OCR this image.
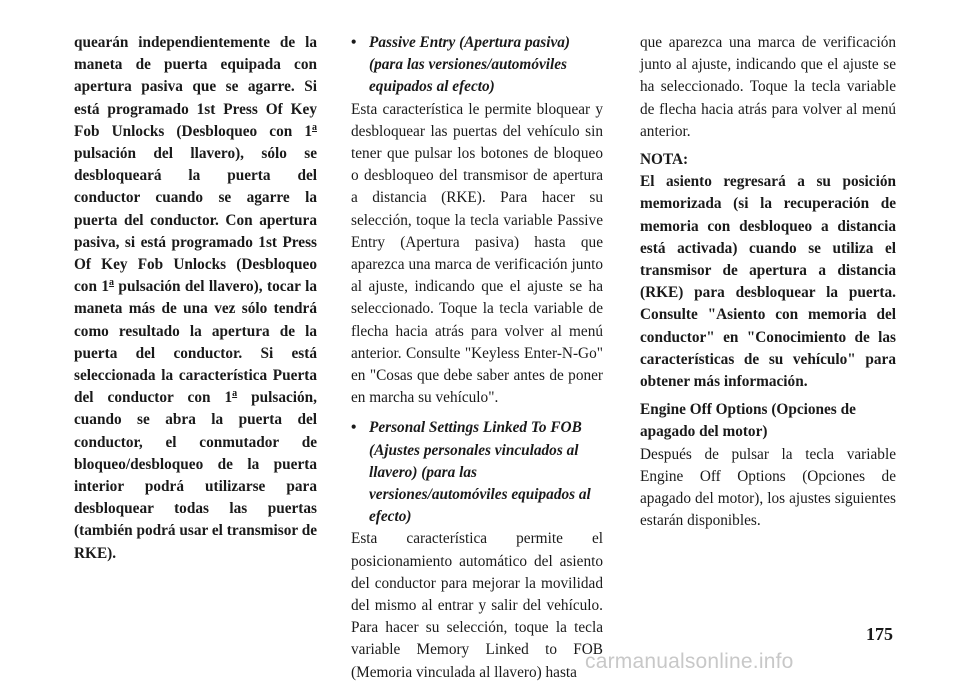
quearán independientemente de la maneta de puerta equipada con apertura pasiva que se agarre. Si está programado 1st Press Of Key Fob Unlocks (Desbloqueo con 1$^a$ pulsación del llavero), sólo se desbloqueará la puerta del conductor cuando se agarre la puerta del conductor. Con apertura pasiva, si está programado 1st Press Of Key Fob Unlocks (Desbloqueo con 1$^a$ pulsación del llavero), tocar la maneta más de una vez sólo tendrá como resultado la apertura de la puerta del conductor. Si está seleccionada la característica Puerta del conductor con 1$^a$ pulsación, cuando se abra la puerta del conductor, el conmutador de bloqueo/desbloqueo de la puerta interior podrá utilizarse para desbloquear todas las puertas (también podrá usar el transmisor de RKE).

• Passive Entry (Apertura pasiva) (para las versiones/automóviles equipados al efecto)

Esta característica le permite bloquear y desbloquear las puertas del vehículo sin tener que pulsar los botones de bloqueo o desbloqueo del transmisor de apertura a distancia (RKE). Para hacer su selección, toque la tecla variable Passive Entry (Apertura pasiva) hasta que aparezca una marca de verificación junto al ajuste, indicando que el ajuste se ha seleccionado. Toque la tecla variable de flecha hacia atrás para volver al menú anterior. Consulte "Keyless Enter-N-Go" en "Cosas que debe saber antes de poner en marcha su vehículo".

• Personal Settings Linked To FOB (Ajustes personales vinculados al llavero) (para las versiones/automóviles equipados al efecto)

Esta característica permite el posicionamiento automático del asiento del conductor para mejorar la movilidad del mismo al entrar y salir del vehículo. Para hacer su selección, toque la tecla variable Memory Linked to FOB (Memoria vinculada al llavero) hasta

que aparezca una marca de verificación junto al ajuste, indicando que el ajuste se ha seleccionado. Toque la tecla variable de flecha hacia atrás para volver al menú anterior.

NOTA:

El asiento regresará a su posición memorizada (si la recuperación de memoria con desbloqueo a distancia está activada) cuando se utiliza el transmisor de apertura a distancia (RKE) para desbloquear la puerta. Consulte "Asiento con memoria del conductor" en "Conocimiento de las características de su vehículo" para obtener más información.

Engine Off Options (Opciones de apagado del motor)

Después de pulsar la tecla variable Engine Off Options (Opciones de apagado del motor), los ajustes siguientes estarán disponibles.

175
carmanualsonline.info
